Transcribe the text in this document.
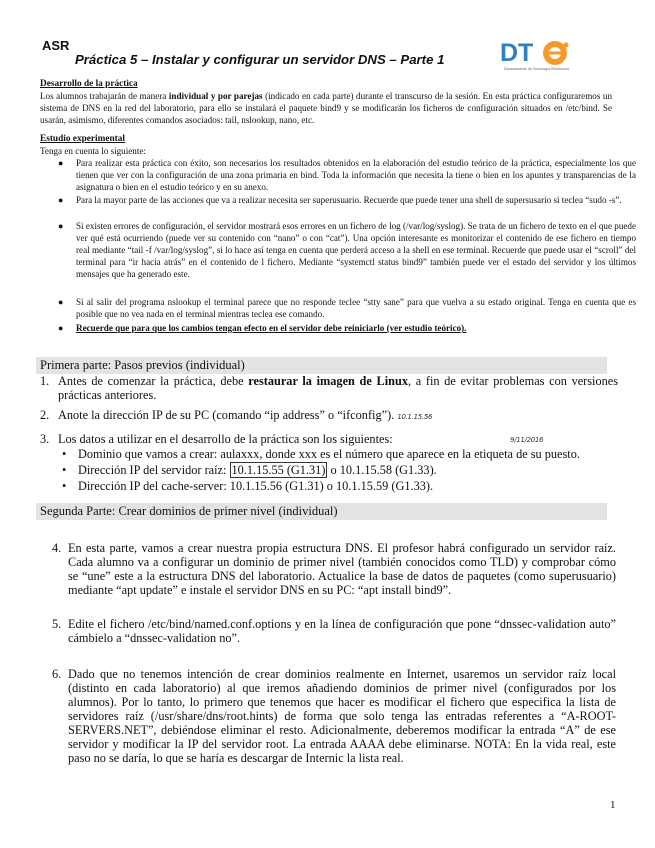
ASR
Práctica 5 – Instalar y configurar un servidor DNS – Parte 1 DT
Departamento de Tecnología Electrónica
Desarrollo de la práctica
Los alumnos trabajarán de manera individual y por parejas (indicado en cada parte) durante el transcurso de la sesión. En esta práctica configuraremos un sistema de DNS en la red del laboratorio, para ello se instalará el paquete bind9 y se modificarán los ficheros de configuración situados en /etc/bind. Se usarán, asimismo, diferentes comandos asociados: tail, nslookup, nano, etc.
Estudio experimental
Tenga en cuenta lo siguiente:
● Para realizar esta práctica con éxito, son necesarios los resultados obtenidos en la elaboración del estudio teórico de la práctica, especialmente los que tienen que ver con la configuración de una zona primaria en bind. Toda la información que necesita la tiene o bien en los apuntes y transparencias de la asignatura o bien en el estudio teórico y en su anexo.
● Para la mayor parte de las acciones que va a realizar necesita ser superusuario. Recuerde que puede tener una shell de supersusario si teclea “sudo -s”.
● Si existen errores de configuración, el servidor mostrará esos errores en un fichero de log (/var/log/syslog). Se trata de un fichero de texto en el que puede ver qué está ocurriendo (puede ver su contenido con “nano” o con “cat”). Una opción interesante es monitorizar el contenido de ese fichero en tiempo real mediante “tail -f /var/log/syslog”, si lo hace así tenga en cuenta que perderá acceso a la shell en ese terminal. Recuerde que puede usar el “scroll” del terminal para “ir hacia atrás” en el contenido de l fichero. Mediante “systemctl status bind9” también puede ver el estado del servidor y los últimos mensajes que ha generado este.
● Si al salir del programa nslookup el terminal parece que no responde teclee “stty sane” para que vuelva a su estado original. Tenga en cuenta que es posible que no vea nada en el terminal mientras teclea ese comando.
● Recuerde que para que los cambios tengan efecto en el servidor debe reiniciarlo (ver estudio teórico).
Primera parte: Pasos previos (individual)
1. Antes de comenzar la práctica, debe restaurar la imagen de Linux, a fin de evitar problemas con versiones prácticas anteriores.
2. Anote la dirección IP de su PC (comando “ip address” o “ifconfig”). 10.1.15.56
3. Los datos a utilizar en el desarrollo de la práctica son los siguientes:	9/11/2016
• Dominio que vamos a crear: aulaxxx, donde xxx es el número que aparece en la etiqueta de su puesto.
• Dirección IP del servidor raíz: 10.1.15.55 (G1.31) o 10.1.15.58 (G1.33).
• Dirección IP del cache-server: 10.1.15.56 (G1.31) o 10.1.15.59 (G1.33).
Segunda Parte: Crear dominios de primer nivel (individual)
4. En esta parte, vamos a crear nuestra propia estructura DNS. El profesor habrá configurado un servidor raíz. Cada alumno va a configurar un dominio de primer nivel (también conocidos como TLD) y comprobar cómo se “une” este a la estructura DNS del laboratorio. Actualice la base de datos de paquetes (como superusuario) mediante “apt update” e instale el servidor DNS en su PC: “apt install bind9”.
5. Edite el fichero /etc/bind/named.conf.options y en la línea de configuración que pone “dnssec-validation auto” cámbielo a “dnssec-validation no”.
6. Dado que no tenemos intención de crear dominios realmente en Internet, usaremos un servidor raíz local (distinto en cada laboratorio) al que iremos añadiendo dominios de primer nivel (configurados por los alumnos). Por lo tanto, lo primero que tenemos que hacer es modificar el fichero que especifica la lista de servidores raíz (/usr/share/dns/root.hints) de forma que solo tenga las entradas referentes a “A-ROOT-SERVERS.NET”, debiéndose eliminar el resto. Adicionalmente, deberemos modificar la entrada “A” de ese servidor y modificar la IP del servidor root. La entrada AAAA debe eliminarse. NOTA: En la vida real, este paso no se daría, lo que se haría es descargar de Internic la lista real.
1
